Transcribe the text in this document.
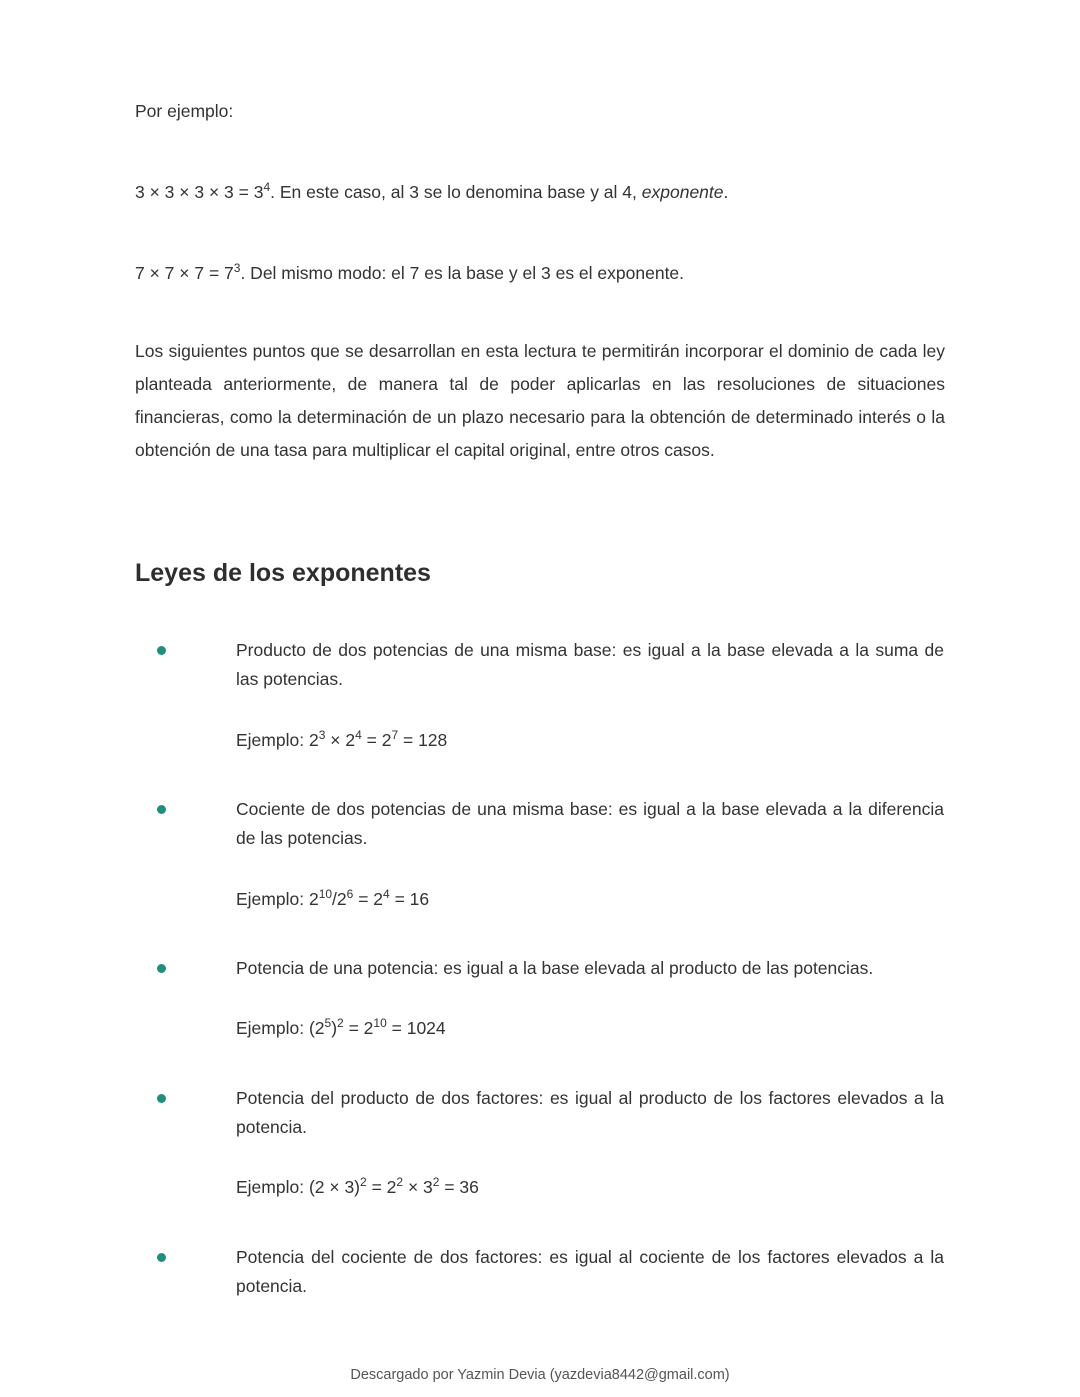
Por ejemplo:
$3 \times 3 \times 3 \times 3 = 3^4$. En este caso, al 3 se lo denomina base y al 4, exponente.
$7 \times 7 \times 7 = 7^3$. Del mismo modo: el 7 es la base y el 3 es el exponente.
Los siguientes puntos que se desarrollan en esta lectura te permitirán incorporar el dominio de cada ley planteada anteriormente, de manera tal de poder aplicarlas en las resoluciones de situaciones financieras, como la determinación de un plazo necesario para la obtención de determinado interés o la obtención de una tasa para multiplicar el capital original, entre otros casos.
Leyes de los exponentes
Producto de dos potencias de una misma base: es igual a la base elevada a la suma de las potencias.
Ejemplo: $2^3 \times 2^4 = 2^7 = 128$
Cociente de dos potencias de una misma base: es igual a la base elevada a la diferencia de las potencias.
Ejemplo: $2^{10}/2^6 = 2^4 = 16$
Potencia de una potencia: es igual a la base elevada al producto de las potencias.
Ejemplo: $(2^5)^2 = 2^{10} = 1024$
Potencia del producto de dos factores: es igual al producto de los factores elevados a la potencia.
Ejemplo: $(2 \times 3)^2 = 2^2 \times 3^2 = 36$
Potencia del cociente de dos factores: es igual al cociente de los factores elevados a la potencia.
Descargado por Yazmin Devia (yazdevia8442@gmail.com)
